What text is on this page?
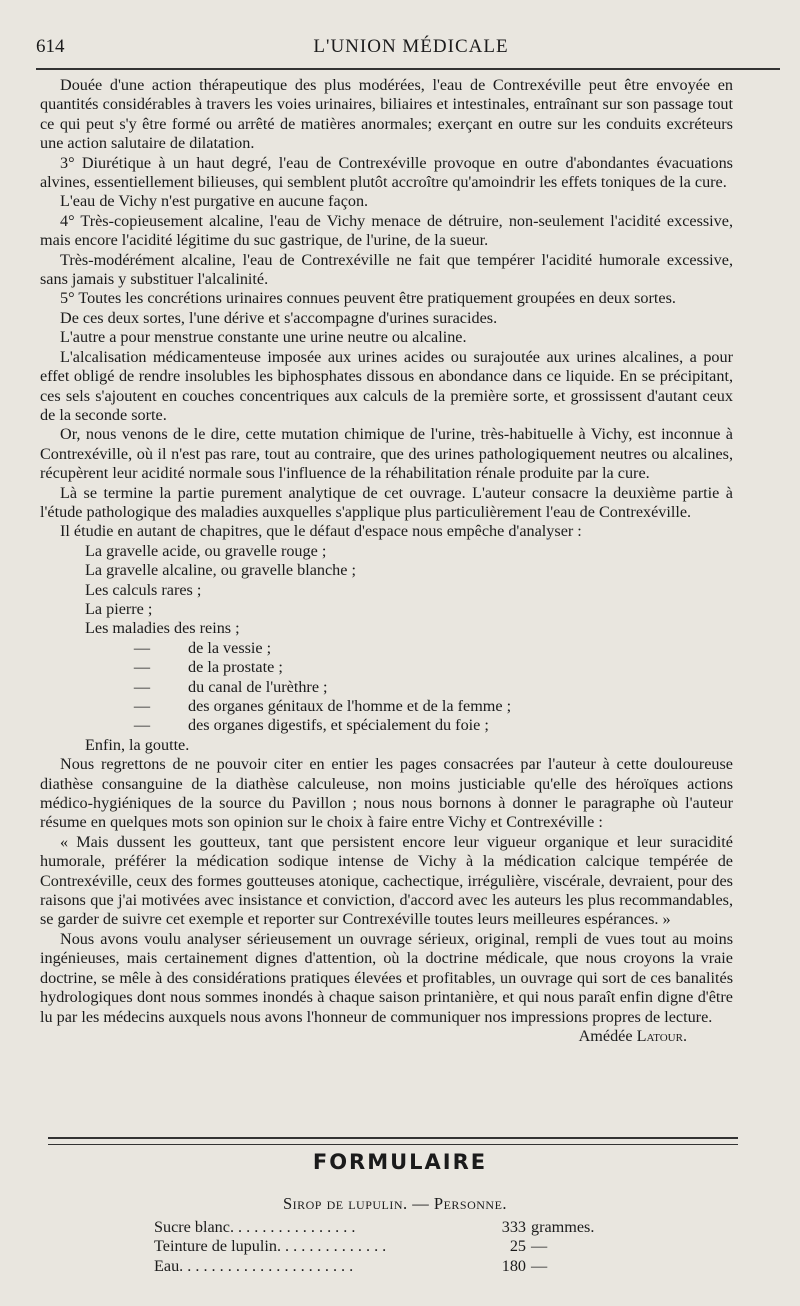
614	L'UNION MÉDICALE

Douée d'une action thérapeutique des plus modérées, l'eau de Contrexéville peut être envoyée en quantités considérables à travers les voies urinaires, biliaires et intestinales, entraînant sur son passage tout ce qui peut s'y être formé ou arrêté de matières anormales; exerçant en outre sur les conduits excréteurs une action salutaire de dilatation.

3° Diurétique à un haut degré, l'eau de Contrexéville provoque en outre d'abondantes évacuations alvines, essentiellement bilieuses, qui semblent plutôt accroître qu'amoindrir les effets toniques de la cure.

L'eau de Vichy n'est purgative en aucune façon.

4° Très-copieusement alcaline, l'eau de Vichy menace de détruire, non-seulement l'acidité excessive, mais encore l'acidité légitime du suc gastrique, de l'urine, de la sueur.

Très-modérément alcaline, l'eau de Contrexéville ne fait que tempérer l'acidité humorale excessive, sans jamais y substituer l'alcalinité.

5° Toutes les concrétions urinaires connues peuvent être pratiquement groupées en deux sortes.

De ces deux sortes, l'une dérive et s'accompagne d'urines suracides.

L'autre a pour menstrue constante une urine neutre ou alcaline.

L'alcalisation médicamenteuse imposée aux urines acides ou surajoutée aux urines alcalines, a pour effet obligé de rendre insolubles les biphosphates dissous en abondance dans ce liquide. En se précipitant, ces sels s'ajoutent en couches concentriques aux calculs de la première sorte, et grossissent d'autant ceux de la seconde sorte.

Or, nous venons de le dire, cette mutation chimique de l'urine, très-habituelle à Vichy, est inconnue à Contrexéville, où il n'est pas rare, tout au contraire, que des urines pathologiquement neutres ou alcalines, récupèrent leur acidité normale sous l'influence de la réhabilitation rénale produite par la cure.

Là se termine la partie purement analytique de cet ouvrage. L'auteur consacre la deuxième partie à l'étude pathologique des maladies auxquelles s'applique plus particulièrement l'eau de Contrexéville.

Il étudie en autant de chapitres, que le défaut d'espace nous empêche d'analyser :

La gravelle acide, ou gravelle rouge ;
La gravelle alcaline, ou gravelle blanche ;
Les calculs rares ;
La pierre ;
Les maladies des reins ;
— de la vessie ;
— de la prostate ;
— du canal de l'urèthre ;
— des organes génitaux de l'homme et de la femme ;
— des organes digestifs, et spécialement du foie ;
Enfin, la goutte.

Nous regrettons de ne pouvoir citer en entier les pages consacrées par l'auteur à cette douloureuse diathèse consanguine de la diathèse calculeuse, non moins justiciable qu'elle des héroïques actions médico-hygiéniques de la source du Pavillon ; nous nous bornons à donner le paragraphe où l'auteur résume en quelques mots son opinion sur le choix à faire entre Vichy et Contrexéville :

« Mais dussent les goutteux, tant que persistent encore leur vigueur organique et leur suracidité humorale, préférer la médication sodique intense de Vichy à la médication calcique tempérée de Contrexéville, ceux des formes goutteuses atonique, cachectique, irrégulière, viscérale, devraient, pour des raisons que j'ai motivées avec insistance et conviction, d'accord avec les auteurs les plus recommandables, se garder de suivre cet exemple et reporter sur Contrexéville toutes leurs meilleures espérances. »

Nous avons voulu analyser sérieusement un ouvrage sérieux, original, rempli de vues tout au moins ingénieuses, mais certainement dignes d'attention, où la doctrine médicale, que nous croyons la vraie doctrine, se mêle à des considérations pratiques élevées et profitables, un ouvrage qui sort de ces banalités hydrologiques dont nous sommes inondés à chaque saison printanière, et qui nous paraît enfin digne d'être lu par les médecins auxquels nous avons l'honneur de communiquer nos impressions propres de lecture.

Amédée Latour.
FORMULAIRE
Sirop de lupulin. — Personne.
Sucre blanc. . . . . . . . . . . . . . . .	333 grammes.
Teinture de lupulin. . . . . . . . . . . . . .	25 —
Eau. . . . . . . . . . . . . . . . . . . . . .	180 —
